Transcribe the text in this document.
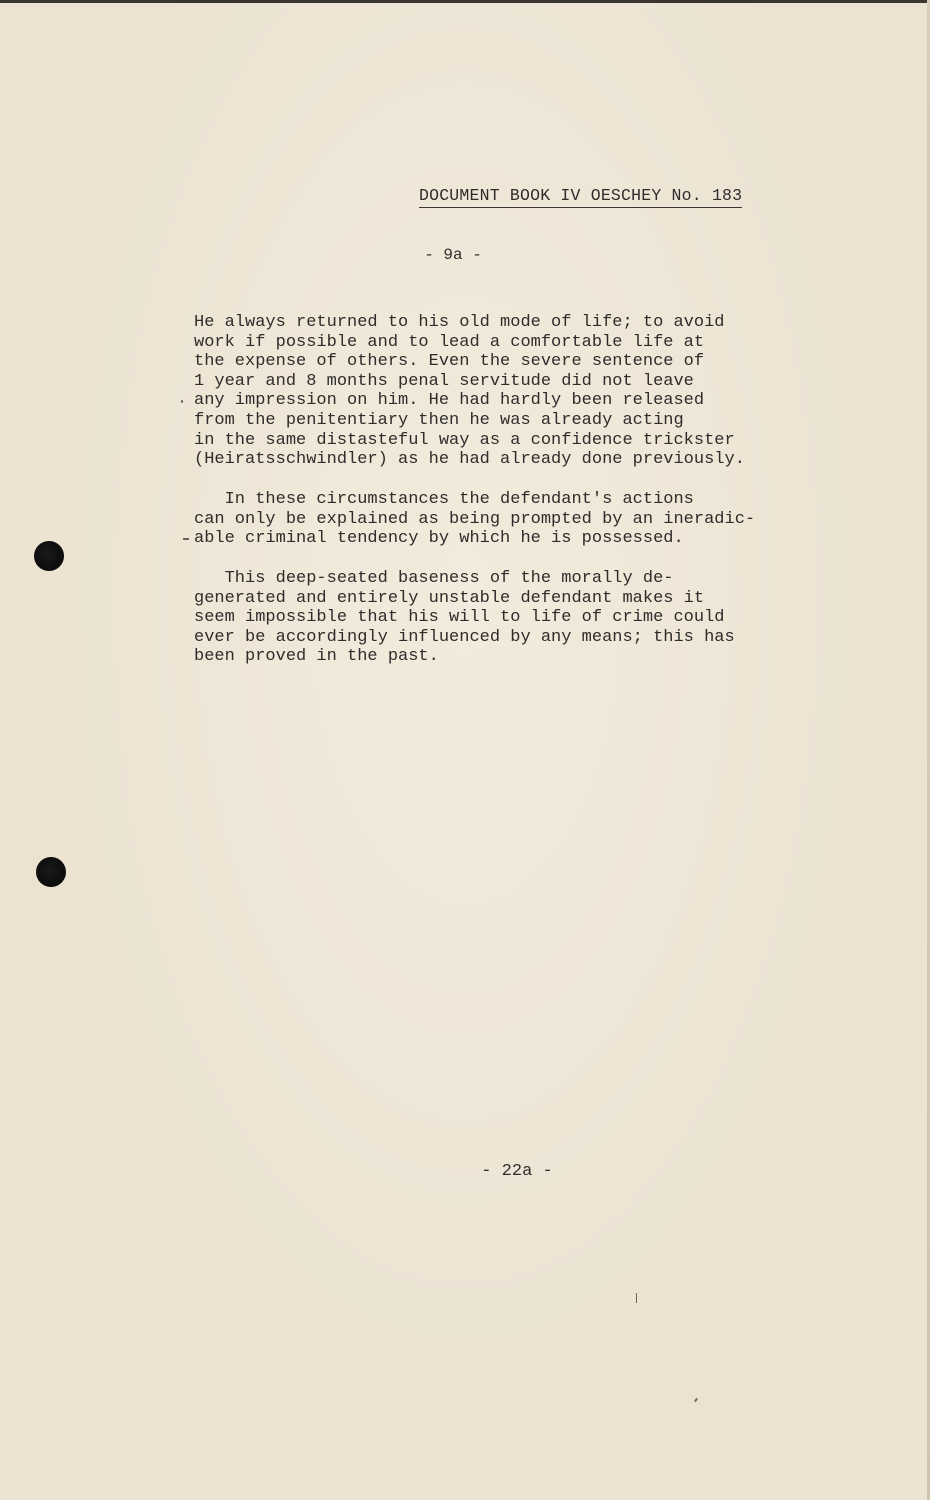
DOCUMENT BOOK IV OESCHEY No. 183
- 9a -
He always returned to his old mode of life; to avoid
work if possible and to lead a comfortable life at
the expense of others. Even the severe sentence of
1 year and 8 months penal servitude did not leave
any impression on him. He had hardly been released
from the penitentiary then he was already acting
in the same distasteful way as a confidence trickster
(Heiratsschwindler) as he had already done previously.
In these circumstances the defendant's actions
can only be explained as being prompted by an ineradic-
able criminal tendency by which he is possessed.
This deep-seated baseness of the morally de-
generated and entirely unstable defendant makes it
seem impossible that his will to life of crime could
ever be accordingly influenced by any means; this has
been proved in the past.
- 22a -
